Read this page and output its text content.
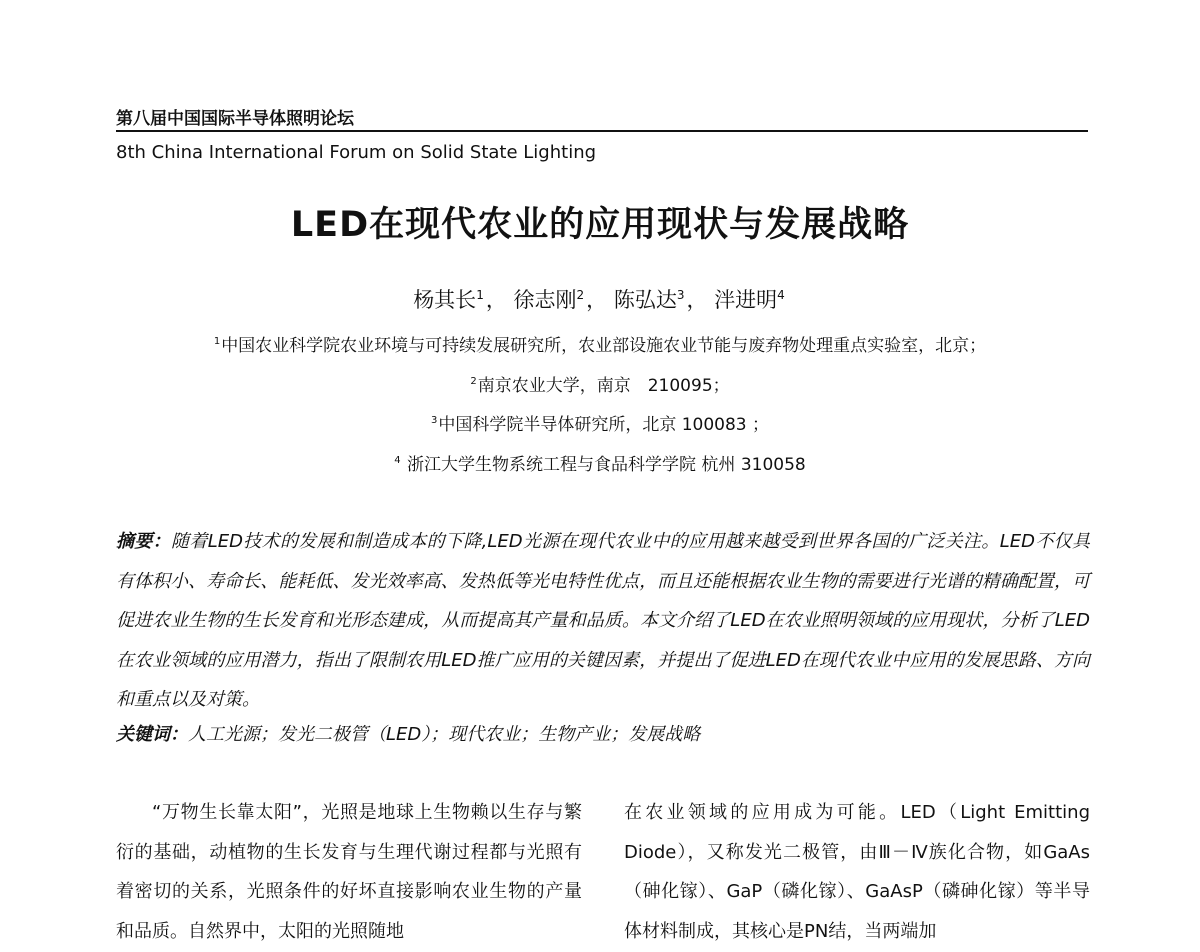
第八届中国国际半导体照明论坛
8th China International Forum on Solid State Lighting
LED在现代农业的应用现状与发展战略
杨其长$^1$， 徐志刚$^2$， 陈弘达$^3$， 泮进明$^4$
$^1$中国农业科学院农业环境与可持续发展研究所，农业部设施农业节能与废弃物处理重点实验室，北京；
$^2$南京农业大学，南京　210095；
$^3$中国科学院半导体研究所，北京 100083 ；
$^4$ 浙江大学生物系统工程与食品科学学院 杭州 310058
摘要：随着LED技术的发展和制造成本的下降,LED光源在现代农业中的应用越来越受到世界各国的广泛关注。LED不仅具有体积小、寿命长、能耗低、发光效率高、发热低等光电特性优点，而且还能根据农业生物的需要进行光谱的精确配置，可促进农业生物的生长发育和光形态建成，从而提高其产量和品质。本文介绍了LED在农业照明领域的应用现状，分析了LED在农业领域的应用潜力，指出了限制农用LED推广应用的关键因素，并提出了促进LED在现代农业中应用的发展思路、方向和重点以及对策。
关键词：人工光源；发光二极管（LED）；现代农业；生物产业；发展战略

“万物生长靠太阳”，光照是地球上生物赖以生存与繁衍的基础，动植物的生长发育与生理代谢过程都与光照有着密切的关系，光照条件的好坏直接影响农业生物的产量和品质。自然界中，太阳的光照随地

在农业领域的应用成为可能。LED（Light Emitting Diode），又称发光二极管，由Ⅲ－Ⅳ族化合物，如GaAs（砷化镓）、GaP（磷化镓）、GaAsP（磷砷化镓）等半导体材料制成，其核心是PN结，当两端加
